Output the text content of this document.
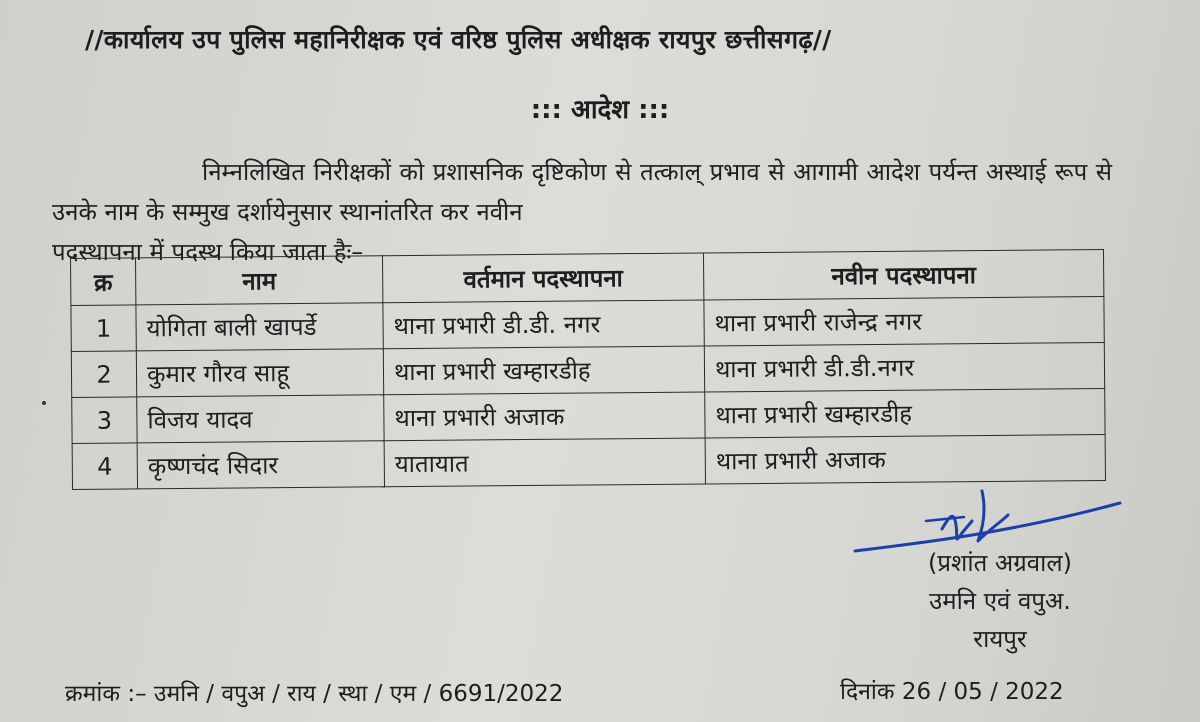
//कार्यालय उप पुलिस महानिरीक्षक एवं वरिष्ठ पुलिस अधीक्षक रायपुर छत्तीसगढ़//
::: आदेश :::
निम्नलिखित निरीक्षकों को प्रशासनिक दृष्टिकोण से तत्काल् प्रभाव से आगामी आदेश पर्यन्त अस्थाई रूप से उनके नाम के सम्मुख दर्शायेनुसार स्थानांतरित कर नवीन
पदस्थापना में पदस्थ किया जाता हैः–
क्र	नाम	वर्तमान पदस्थापना	नवीन पदस्थापना
1	योगिता बाली खापर्डे	थाना प्रभारी डी.डी. नगर	थाना प्रभारी राजेन्द्र नगर
2	कुमार गौरव साहू	थाना प्रभारी खम्हारडीह	थाना प्रभारी डी.डी.नगर
3	विजय यादव	थाना प्रभारी अजाक	थाना प्रभारी खम्हारडीह
4	कृष्णचंद सिदार	यातायात	थाना प्रभारी अजाक
(प्रशांत अग्रवाल)
उमनि एवं वपुअ.
रायपुर
क्रमांक :– उमनि / वपुअ / राय / स्था / एम / 6691/2022	दिनांक 26 / 05 / 2022
